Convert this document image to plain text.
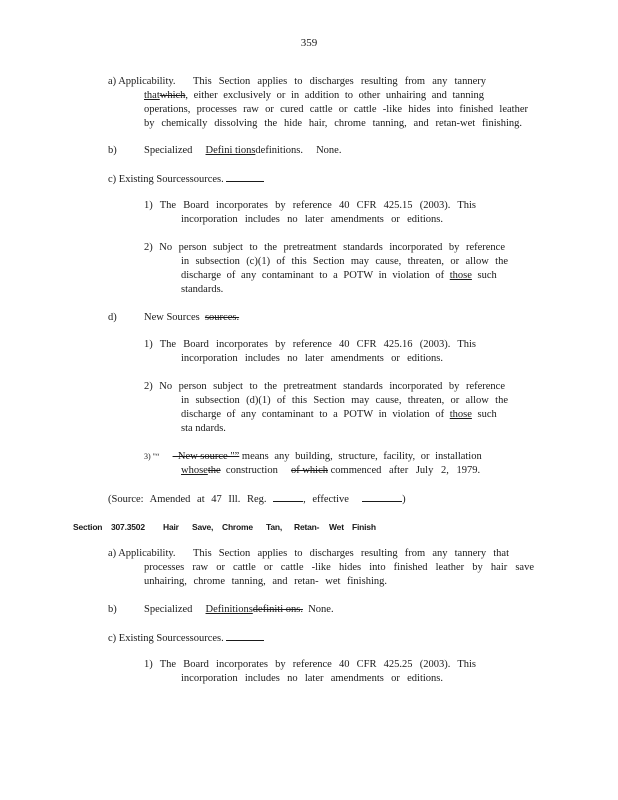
359
a) Applicability. This Section applies to discharges resulting from any tannery
thatwhich, either exclusively or in addition to other unhairing and tanning
operations, processes raw or cured cattle or cattle -like hides into finished leather
by chemically dissolving the hide hair, chrome tanning, and retan-wet finishing.
b)	Specialized Defini tionsdefinitions. None.
c) Existing Sourcessources.
1) The Board incorporates by reference 40 CFR 425.15 (2003). This
incorporation includes no later amendments or editions.
2) No person subject to the pretreatment standards incorporated by reference
in subsection (c)(1) of this Section may cause, threaten, or allow the
discharge of any contaminant to a POTW in violation of those such
standards.
d)	New Sources sources.
1) The Board incorporates by reference 40 CFR 425.16 (2003). This
incorporation includes no later amendments or editions.
2) No person subject to the pretreatment standards incorporated by reference
in subsection (d)(1) of this Section may cause, threaten, or allow the
discharge of any contaminant to a POTW in violation of those such
sta ndards.
3) "“ –New source "” means any building, structure, facility, or installation
whosethe construction of which commenced after July 2, 1979.
(Source: Amended at 47 Ill. Reg.	, effective	)
Section 307.3502 Hair Save, Chrome Tan, Retan- Wet Finish
a) Applicability. This Section applies to discharges resulting from any tannery that
processes raw or cattle or cattle -like hides into finished leather by hair save
unhairing, chrome tanning, and retan- wet finishing.
b)	Specialized Definitionsdefiniti ons. None.
c) Existing Sourcessources.
1) The Board incorporates by reference 40 CFR 425.25 (2003). This
incorporation includes no later amendments or editions.
